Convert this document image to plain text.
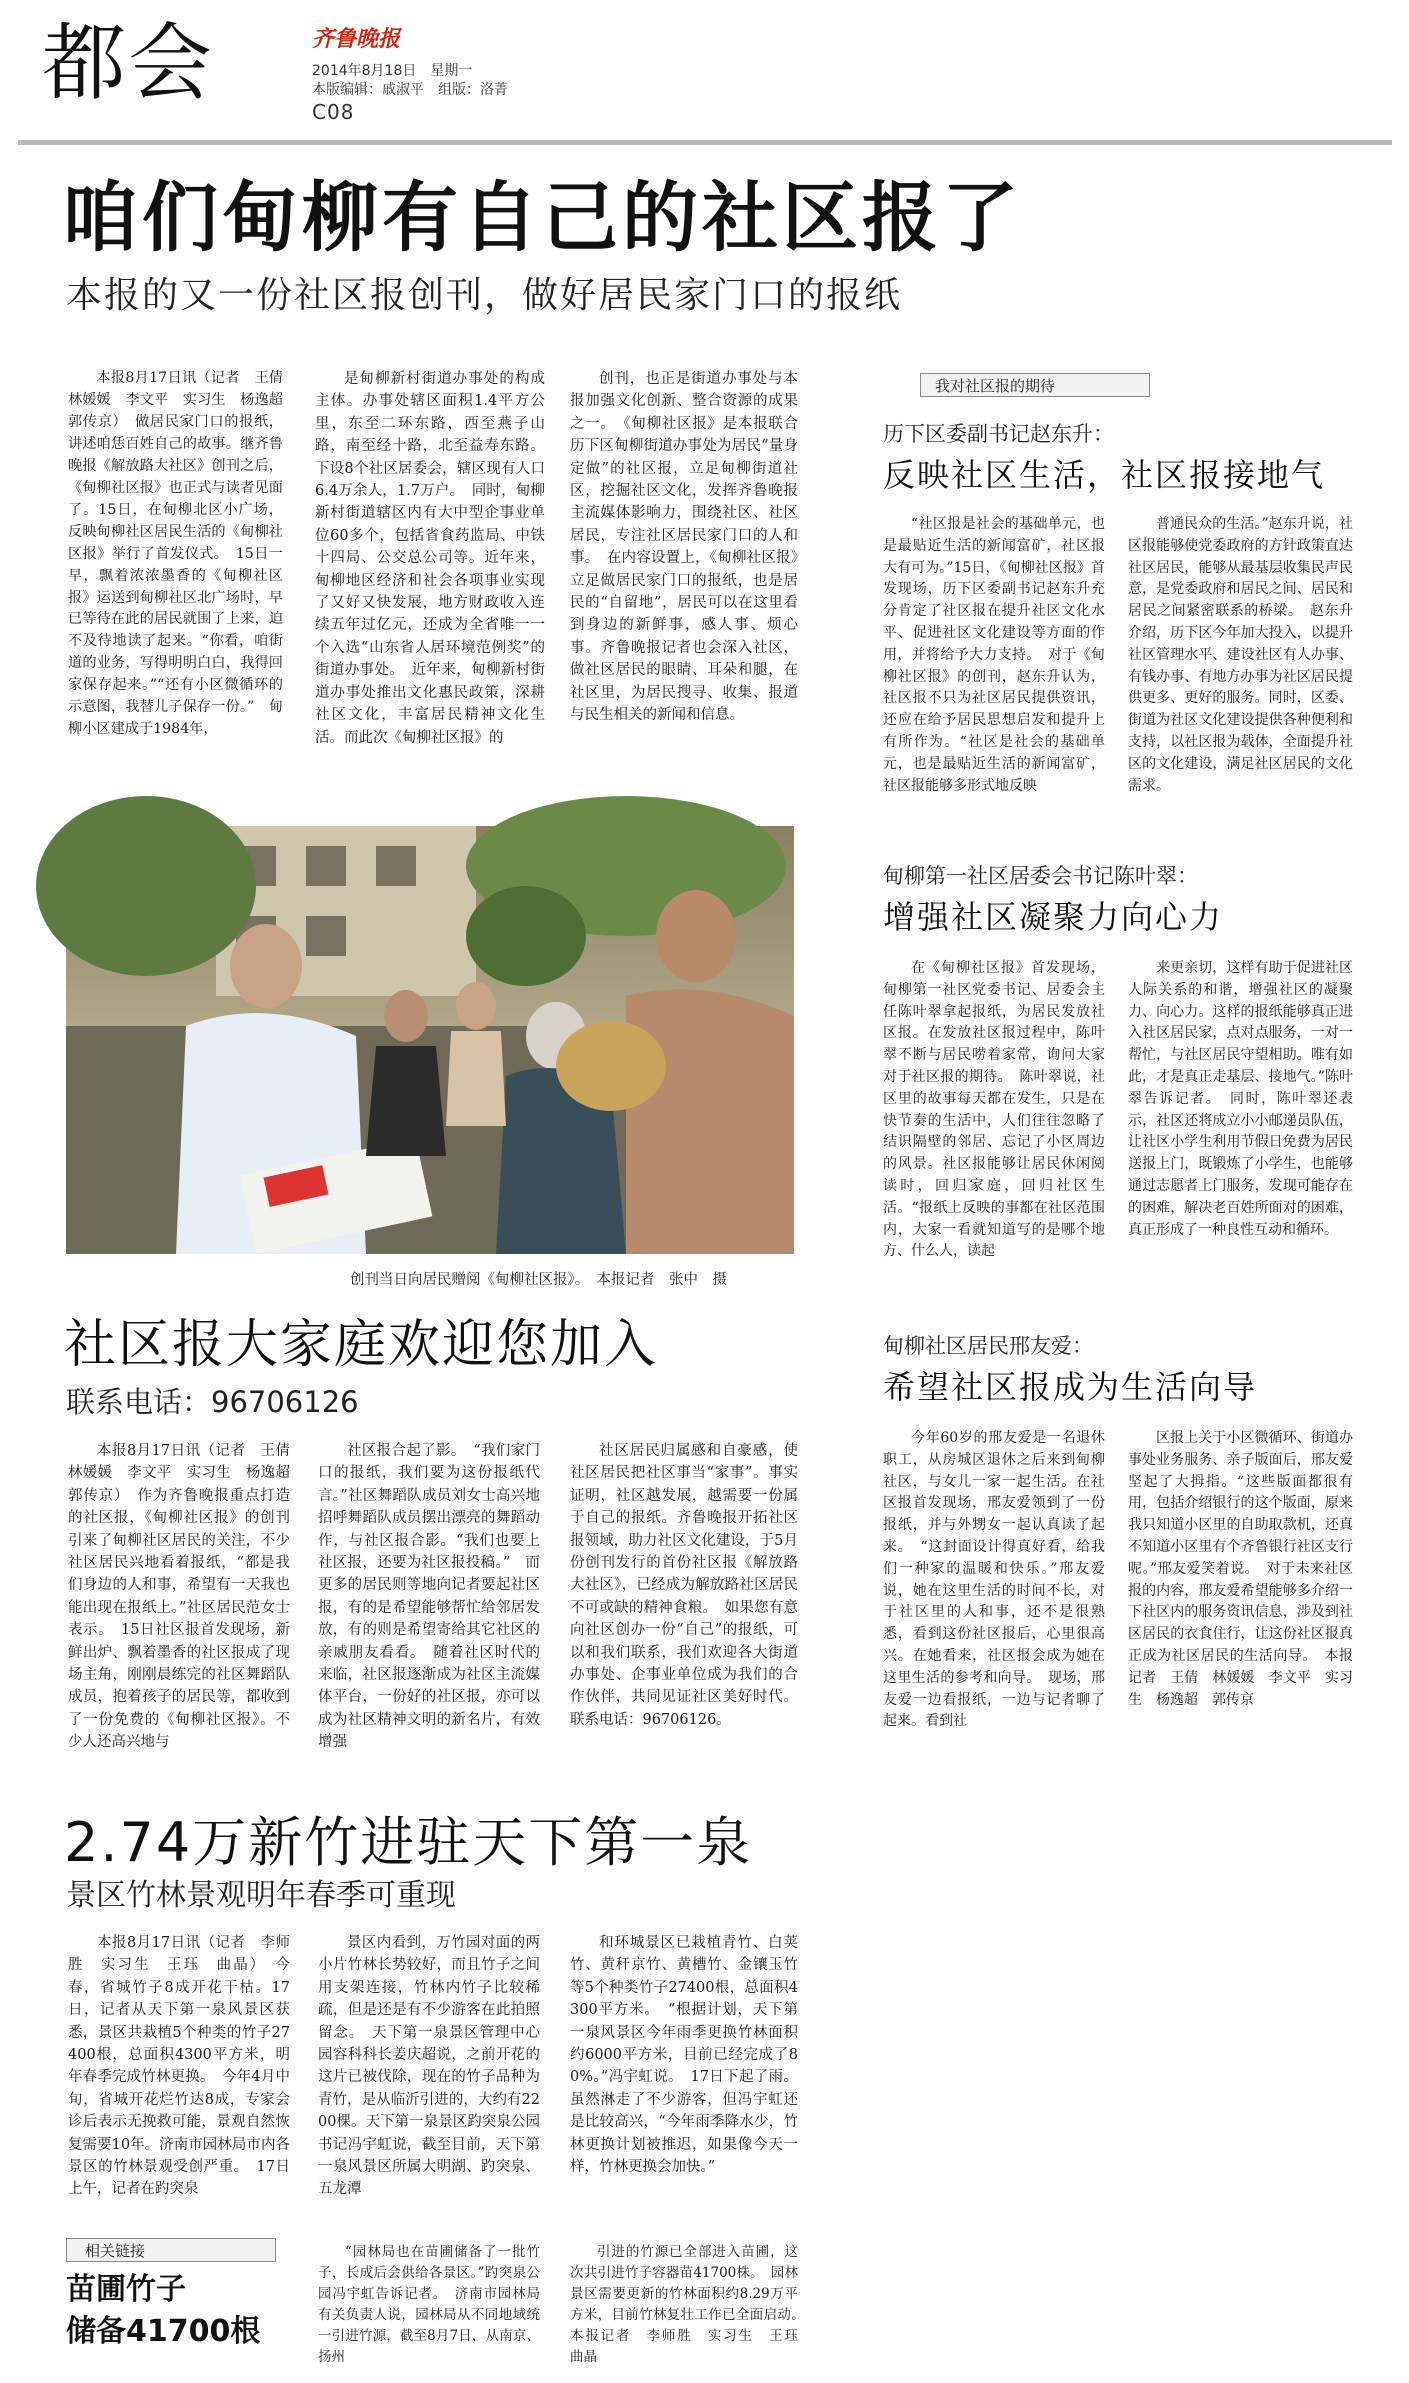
都会	齐鲁晚报
2014年8月18日　星期一
本版编辑：戚淑平　组版：洛菁
C08
咱们甸柳有自己的社区报了
本报的又一份社区报创刊，做好居民家门口的报纸
本报8月17日讯（记者　王倩　林媛媛　李文平　实习生　杨逸超　郭传京）　做居民家门口的报纸，讲述咱恁百姓自己的故事。继齐鲁晚报《解放路大社区》创刊之后，《甸柳社区报》也正式与读者见面了。15日，在甸柳北区小广场，反映甸柳社区居民生活的《甸柳社区报》举行了首发仪式。　15日一早，飘着浓浓墨香的《甸柳社区报》运送到甸柳社区北广场时，早已等待在此的居民就围了上来，迫不及待地读了起来。“你看，咱街道的业务，写得明明白白，我得回家保存起来。”“还有小区微循环的示意图，我替儿子保存一份。”　甸柳小区建成于1984年，
是甸柳新村街道办事处的构成主体。办事处辖区面积1.4平方公里，东至二环东路，西至燕子山路，南至经十路，北至益寿东路。下设8个社区居委会，辖区现有人口6.4万余人，1.7万户。　同时，甸柳新村街道辖区内有大中型企事业单位60多个，包括省食药监局、中铁十四局、公交总公司等。近年来，甸柳地区经济和社会各项事业实现了又好又快发展，地方财政收入连续五年过亿元，还成为全省唯一一个入选“山东省人居环境范例奖”的街道办事处。　近年来，甸柳新村街道办事处推出文化惠民政策，深耕社区文化，丰富居民精神文化生活。而此次《甸柳社区报》的
创刊，也正是街道办事处与本报加强文化创新、整合资源的成果之一。　《甸柳社区报》是本报联合历下区甸柳街道办事处为居民“量身定做”的社区报，立足甸柳街道社区，挖掘社区文化，发挥齐鲁晚报主流媒体影响力，围绕社区、社区居民，专注社区居民家门口的人和事。　在内容设置上，《甸柳社区报》立足做居民家门口的报纸，也是居民的“自留地”，居民可以在这里看到身边的新鲜事，感人事、烦心事。齐鲁晚报记者也会深入社区，做社区居民的眼睛、耳朵和腿，在社区里，为居民搜寻、收集、报道与民生相关的新闻和信息。
创刊当日向居民赠阅《甸柳社区报》。　本报记者　张中　摄
我对社区报的期待
历下区委副书记赵东升：
反映社区生活，社区报接地气
“社区报是社会的基础单元，也是最贴近生活的新闻富矿，社区报大有可为。”15日，《甸柳社区报》首发现场，历下区委副书记赵东升充分肯定了社区报在提升社区文化水平、促进社区文化建设等方面的作用，并将给予大力支持。　对于《甸柳社区报》的创刊，赵东升认为，社区报不只为社区居民提供资讯，还应在给予居民思想启发和提升上有所作为。“社区是社会的基础单元，也是最贴近生活的新闻富矿，社区报能够多形式地反映
普通民众的生活。”赵东升说，社区报能够使党委政府的方针政策直达社区居民，能够从最基层收集民声民意，是党委政府和居民之间、居民和居民之间紧密联系的桥梁。　赵东升介绍，历下区今年加大投入，以提升社区管理水平、建设社区有人办事、有钱办事、有地方办事为社区居民提供更多、更好的服务。同时，区委、街道为社区文化建设提供各种便利和支持，以社区报为载体，全面提升社区的文化建设，满足社区居民的文化需求。
甸柳第一社区居委会书记陈叶翠：
增强社区凝聚力向心力
在《甸柳社区报》首发现场，甸柳第一社区党委书记、居委会主任陈叶翠拿起报纸，为居民发放社区报。在发放社区报过程中，陈叶翠不断与居民唠着家常，询问大家对于社区报的期待。　陈叶翠说，社区里的故事每天都在发生，只是在快节奏的生活中，人们往往忽略了结识隔壁的邻居、忘记了小区周边的风景。社区报能够让居民休闲阅读时，回归家庭，回归社区生活。“报纸上反映的事都在社区范围内，大家一看就知道写的是哪个地方、什么人，读起
来更亲切，这样有助于促进社区人际关系的和谐，增强社区的凝聚力、向心力。这样的报纸能够真正进入社区居民家，点对点服务，一对一帮忙，与社区居民守望相助。唯有如此，才是真正走基层、接地气。”陈叶翠告诉记者。　同时，陈叶翠还表示，社区还将成立小小邮递员队伍，让社区小学生利用节假日免费为居民送报上门，既锻炼了小学生，也能够通过志愿者上门服务，发现可能存在的困难，解决老百姓所面对的困难，真正形成了一种良性互动和循环。
甸柳社区居民邢友爱：
希望社区报成为生活向导
今年60岁的邢友爱是一名退休职工，从房城区退休之后来到甸柳社区，与女儿一家一起生活。在社区报首发现场，邢友爱领到了一份报纸，并与外甥女一起认真读了起来。　“这封面设计得真好看，给我们一种家的温暖和快乐。”邢友爱说，她在这里生活的时间不长，对于社区里的人和事，还不是很熟悉，看到这份社区报后，心里很高兴。在她看来，社区报会成为她在这里生活的参考和向导。　现场，邢友爱一边看报纸，一边与记者聊了起来。看到社
区报上关于小区微循环、街道办事处业务服务、亲子版面后，邢友爱坚起了大拇指。“这些版面都很有用，包括介绍银行的这个版面，原来我只知道小区里的自助取款机，还真不知道小区里有个齐鲁银行社区支行呢。”邢友爱笑着说。　对于未来社区报的内容，邢友爱希望能够多介绍一下社区内的服务资讯信息，涉及到社区居民的衣食住行，让这份社区报真正成为社区居民的生活向导。　本报记者　王倩　林媛媛　李文平　实习生　杨逸超　郭传京
社区报大家庭欢迎您加入
联系电话：96706126
本报8月17日讯（记者　王倩　林媛媛　李文平　实习生　杨逸超　郭传京）　作为齐鲁晚报重点打造的社区报，《甸柳社区报》的创刊引来了甸柳社区居民的关注，不少社区居民兴地看着报纸，“都是我们身边的人和事，希望有一天我也能出现在报纸上。”社区居民范女士表示。　15日社区报首发现场，新鲜出炉、飘着墨香的社区报成了现场主角，刚刚晨练完的社区舞蹈队成员，抱着孩子的居民等，都收到了一份免费的《甸柳社区报》。不少人还高兴地与
社区报合起了影。　“我们家门口的报纸，我们要为这份报纸代言。”社区舞蹈队成员刘女士高兴地招呼舞蹈队成员摆出漂亮的舞蹈动作，与社区报合影。“我们也要上社区报，还要为社区报投稿。”　而更多的居民则等地向记者要起社区报，有的是希望能够帮忙给邻居发放，有的则是希望寄给其它社区的亲戚朋友看看。　随着社区时代的来临，社区报逐渐成为社区主流媒体平台，一份好的社区报，亦可以成为社区精神文明的新名片，有效增强
社区居民归属感和自豪感，使社区居民把社区事当“家事”。事实证明，社区越发展，越需要一份属于自己的报纸。齐鲁晚报开拓社区报领域，助力社区文化建设，于5月份创刊发行的首份社区报《解放路大社区》，已经成为解放路社区居民不可或缺的精神食粮。　如果您有意向社区创办一份“自己”的报纸，可以和我们联系，我们欢迎各大街道办事处、企事业单位成为我们的合作伙伴，共同见证社区美好时代。联系电话：96706126。
2.74万新竹进驻天下第一泉
景区竹林景观明年春季可重现
本报8月17日讯（记者　李师胜　实习生　王珏　曲晶）　今春，省城竹子8成开花干枯。17日，记者从天下第一泉风景区获悉，景区共栽植5个种类的竹子27400根，总面积4300平方米，明年春季完成竹林更换。　今年4月中旬，省城开花烂竹达8成，专家会诊后表示无挽救可能，景观自然恢复需要10年。济南市园林局市内各景区的竹林景观受创严重。　17日上午，记者在趵突泉
景区内看到，万竹园对面的两小片竹林长势较好，而且竹子之间用支架连接，竹林内竹子比较稀疏，但是还是有不少游客在此拍照留念。　天下第一泉景区管理中心园容科科长姜庆超说，之前开花的这片已被伐除，现在的竹子品种为青竹，是从临沂引进的，大约有2200棵。天下第一泉景区趵突泉公园书记冯宇虹说，截至目前，天下第一泉风景区所属大明湖、趵突泉、五龙潭
和环城景区已栽植青竹、白荚竹、黄秆京竹、黄槽竹、金镶玉竹等5个种类竹子27400根，总面积4300平方米。　“根据计划，天下第一泉风景区今年雨季更换竹林面积约6000平方米，目前已经完成了80%。”冯宇虹说。　17日下起了雨。虽然淋走了不少游客，但冯宇虹还是比较高兴，“今年雨季降水少，竹林更换计划被推迟，如果像今天一样，竹林更换会加快。”
相关链接
苗圃竹子
储备41700根
“园林局也在苗圃储备了一批竹子，长成后会供给各景区。”趵突泉公园冯宇虹告诉记者。　济南市园林局有关负责人说，园林局从不同地域统一引进竹源，截至8月7日，从南京、扬州
引进的竹源已全部进入苗圃，这次共引进竹子容器苗41700株。　园林景区需要更新的竹林面积约8.29万平方米，目前竹林复壮工作已全面启动。　本报记者　李师胜　实习生　王珏　曲晶
